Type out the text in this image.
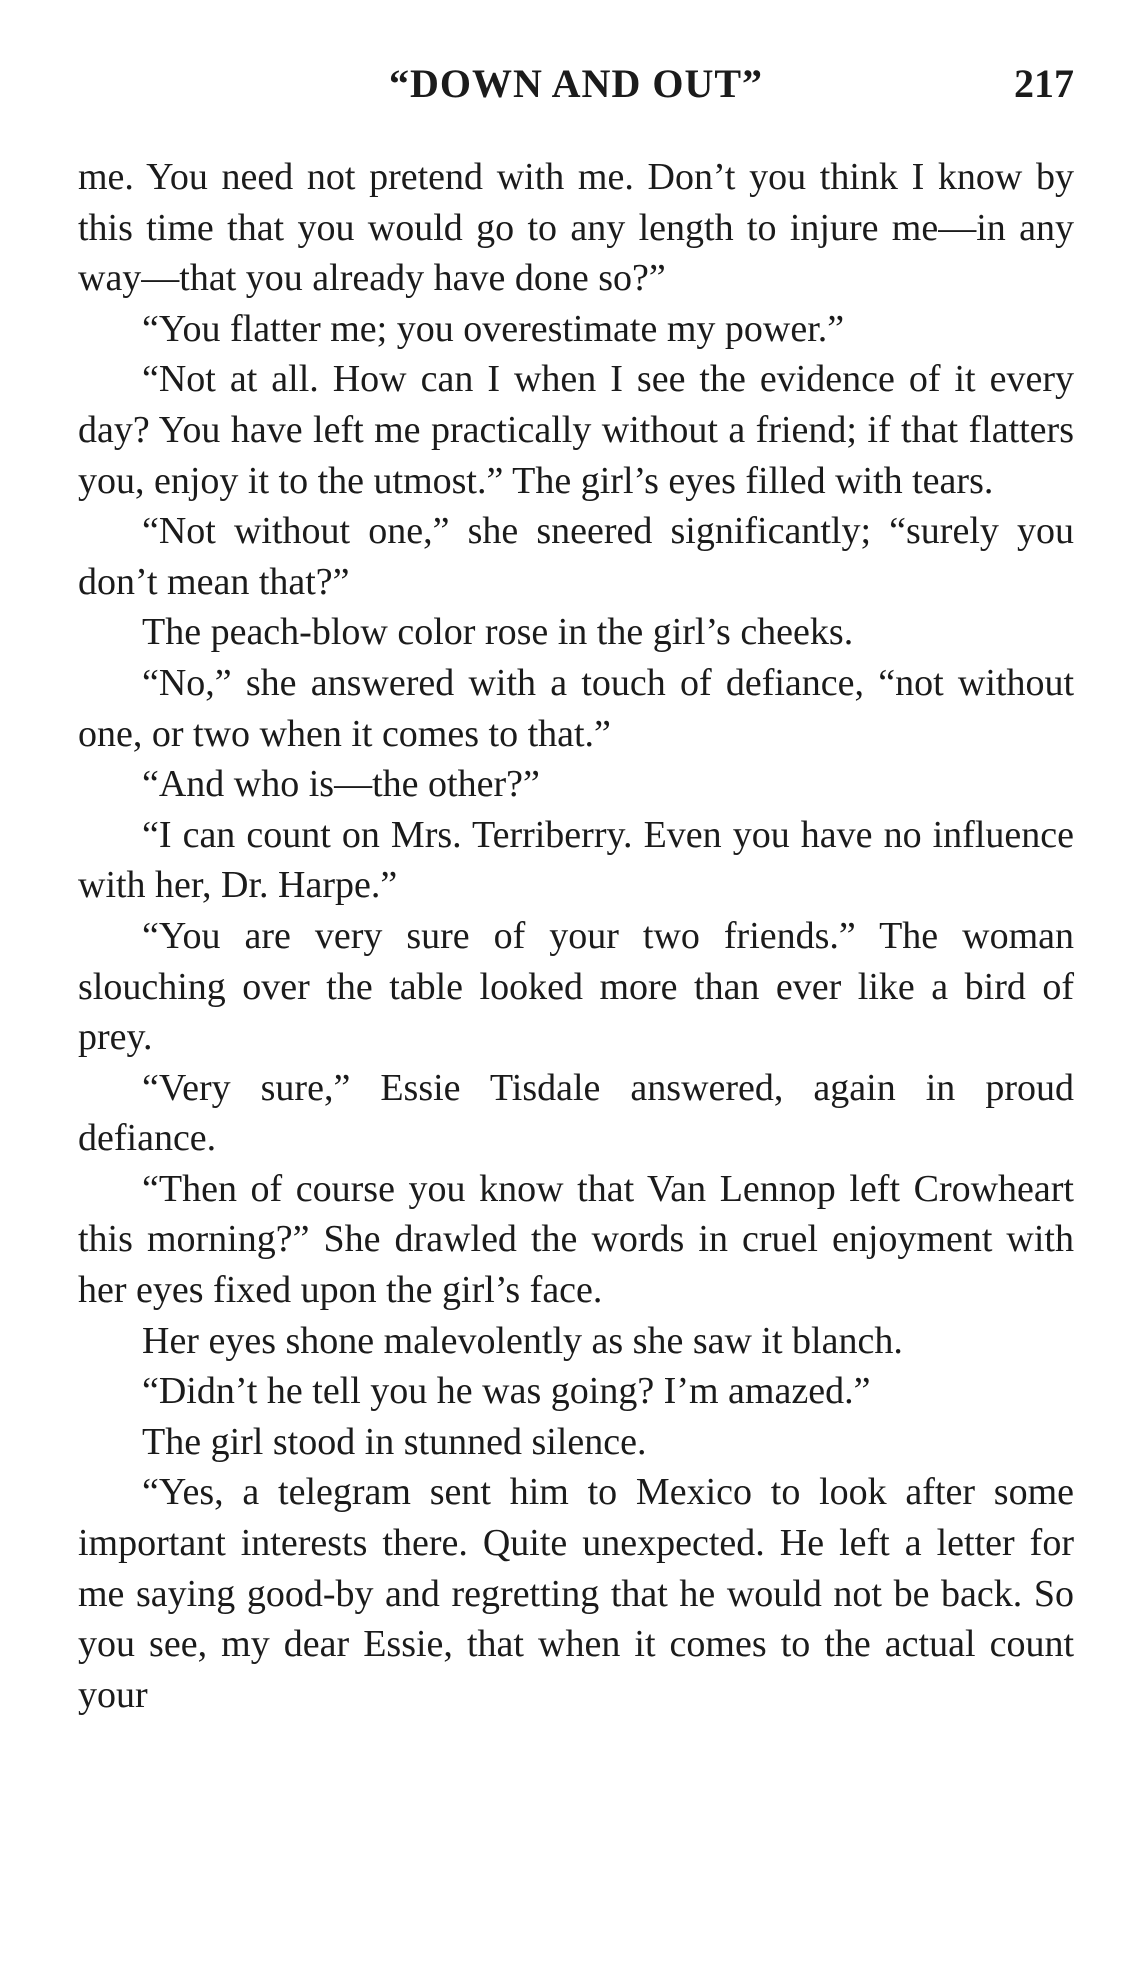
“DOWN AND OUT”	217

me. You need not pretend with me. Don’t you think I know by this time that you would go to any length to injure me—in any way—that you already have done so?”

“You flatter me; you overestimate my power.”

“Not at all. How can I when I see the evidence of it every day? You have left me practically without a friend; if that flatters you, enjoy it to the utmost.” The girl’s eyes filled with tears.

“Not without one,” she sneered significantly; “surely you don’t mean that?”

The peach-blow color rose in the girl’s cheeks.

“No,” she answered with a touch of defiance, “not without one, or two when it comes to that.”

“And who is—the other?”

“I can count on Mrs. Terriberry. Even you have no influence with her, Dr. Harpe.”

“You are very sure of your two friends.” The woman slouching over the table looked more than ever like a bird of prey.

“Very sure,” Essie Tisdale answered, again in proud defiance.

“Then of course you know that Van Lennop left Crowheart this morning?” She drawled the words in cruel enjoyment with her eyes fixed upon the girl’s face.

Her eyes shone malevolently as she saw it blanch.

“Didn’t he tell you he was going? I’m amazed.”

The girl stood in stunned silence.

“Yes, a telegram sent him to Mexico to look after some important interests there. Quite unexpected. He left a letter for me saying good-by and regretting that he would not be back. So you see, my dear Essie, that when it comes to the actual count your
